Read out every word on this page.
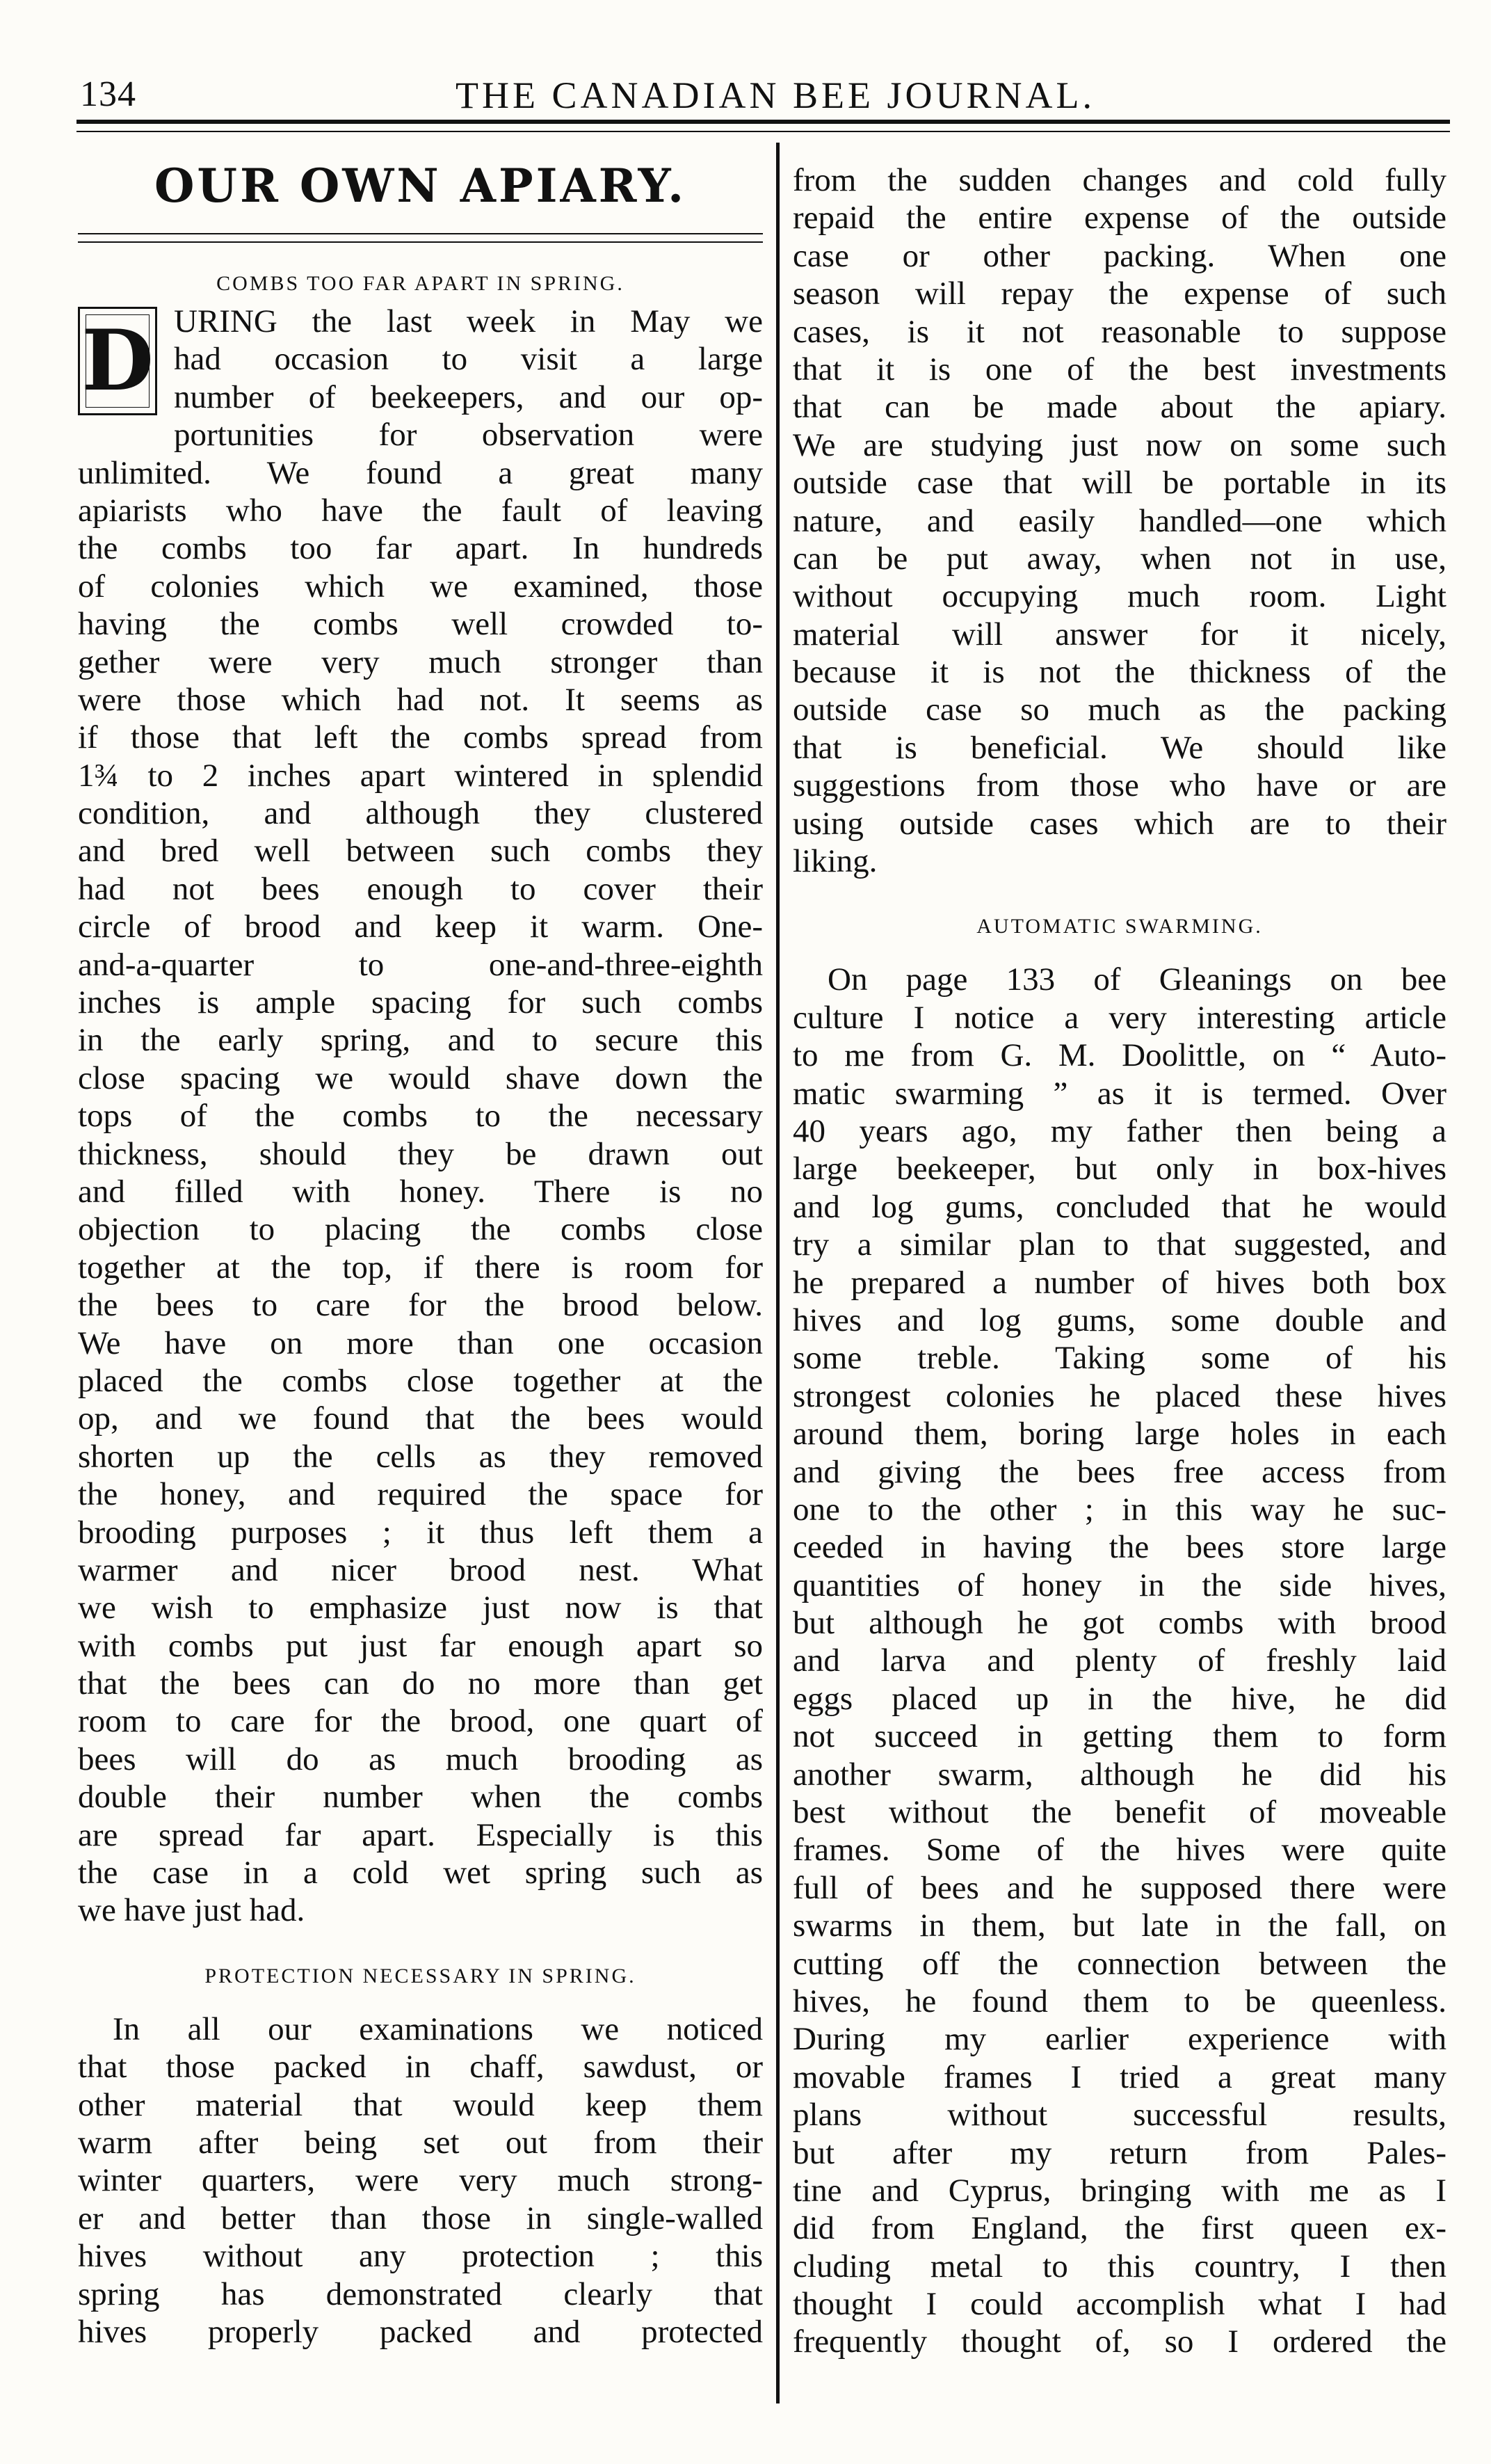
134	THE CANADIAN BEE JOURNAL.
OUR OWN APIARY.
COMBS TOO FAR APART IN SPRING.
D URING the last week in May we
had occasion to visit a large
number of beekeepers, and our op-
portunities for observation were
unlimited. We found a great many
apiarists who have the fault of leaving
the combs too far apart. In hundreds
of colonies which we examined, those
having the combs well crowded to-
gether were very much stronger than
were those which had not. It seems as
if those that left the combs spread from
1¾ to 2 inches apart wintered in splendid
condition, and although they clustered
and bred well between such combs they
had not bees enough to cover their
circle of brood and keep it warm. One-
and-a-quarter to one-and-three-eighth
inches is ample spacing for such combs
in the early spring, and to secure this
close spacing we would shave down the
tops of the combs to the necessary
thickness, should they be drawn out
and filled with honey. There is no
objection to placing the combs close
together at the top, if there is room for
the bees to care for the brood below.
We have on more than one occasion
placed the combs close together at the
op, and we found that the bees would
shorten up the cells as they removed
the honey, and required the space for
brooding purposes ; it thus left them a
warmer and nicer brood nest. What
we wish to emphasize just now is that
with combs put just far enough apart so
that the bees can do no more than get
room to care for the brood, one quart of
bees will do as much brooding as
double their number when the combs
are spread far apart. Especially is this
the case in a cold wet spring such as
we have just had.
PROTECTION NECESSARY IN SPRING.
In all our examinations we noticed
that those packed in chaff, sawdust, or
other material that would keep them
warm after being set out from their
winter quarters, were very much strong-
er and better than those in single-walled
hives without any protection ; this
spring has demonstrated clearly that
hives properly packed and protected
from the sudden changes and cold fully
repaid the entire expense of the outside
case or other packing. When one
season will repay the expense of such
cases, is it not reasonable to suppose
that it is one of the best investments
that can be made about the apiary.
We are studying just now on some such
outside case that will be portable in its
nature, and easily handled—one which
can be put away, when not in use,
without occupying much room. Light
material will answer for it nicely,
because it is not the thickness of the
outside case so much as the packing
that is beneficial. We should like
suggestions from those who have or are
using outside cases which are to their
liking.
AUTOMATIC SWARMING.
On page 133 of Gleanings on bee
culture I notice a very interesting article
to me from G. M. Doolittle, on “ Auto-
matic swarming ” as it is termed. Over
40 years ago, my father then being a
large beekeeper, but only in box-hives
and log gums, concluded that he would
try a similar plan to that suggested, and
he prepared a number of hives both box
hives and log gums, some double and
some treble. Taking some of his
strongest colonies he placed these hives
around them, boring large holes in each
and giving the bees free access from
one to the other ; in this way he suc-
ceeded in having the bees store large
quantities of honey in the side hives,
but although he got combs with brood
and larva and plenty of freshly laid
eggs placed up in the hive, he did
not succeed in getting them to form
another swarm, although he did his
best without the benefit of moveable
frames. Some of the hives were quite
full of bees and he supposed there were
swarms in them, but late in the fall, on
cutting off the connection between the
hives, he found them to be queenless.
During my earlier experience with
movable frames I tried a great many
plans without successful results,
but after my return from Pales-
tine and Cyprus, bringing with me as I
did from England, the first queen ex-
cluding metal to this country, I then
thought I could accomplish what I had
frequently thought of, so I ordered the
